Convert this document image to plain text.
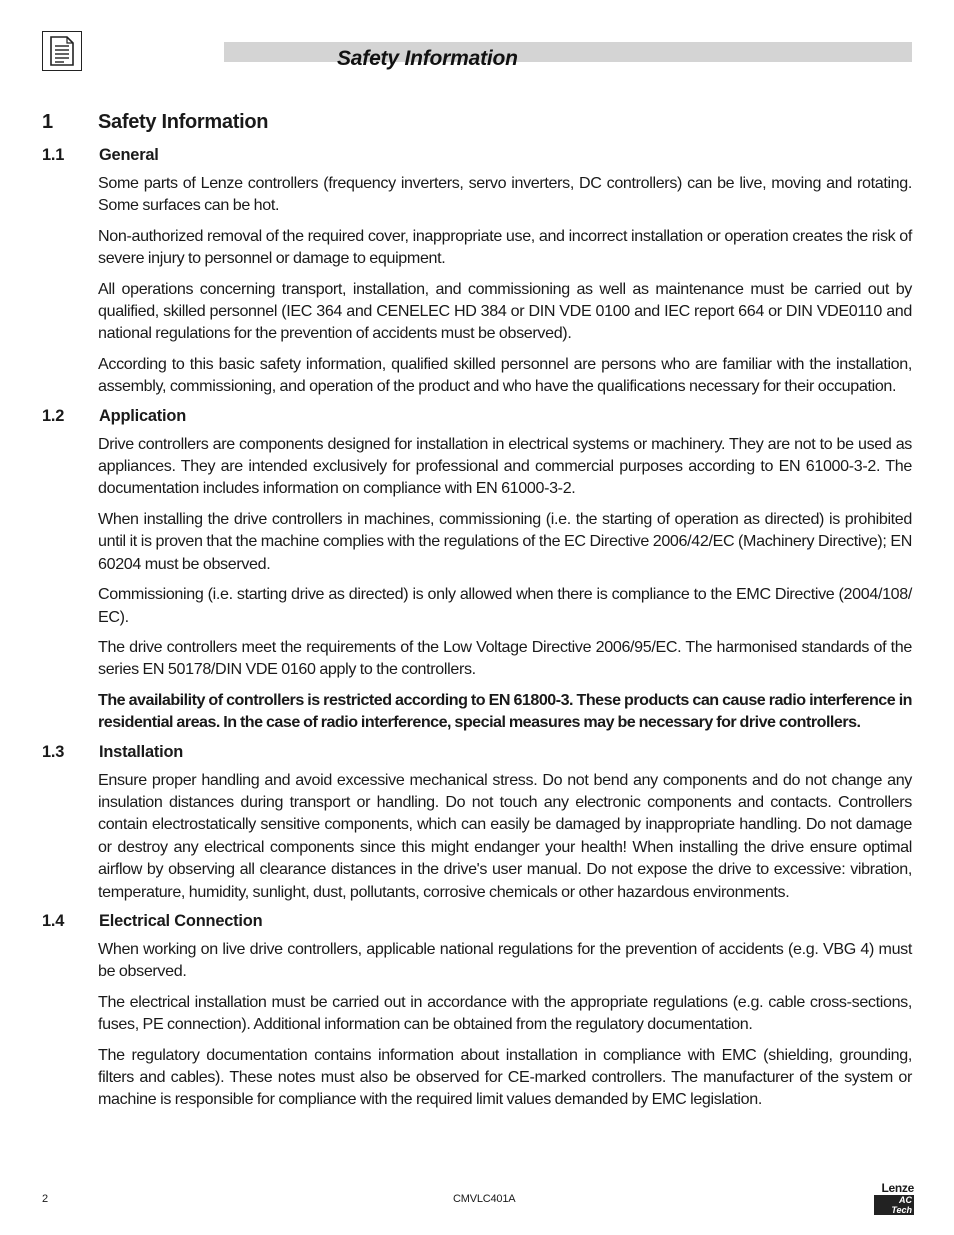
Safety Information
1 Safety Information
1.1 General
Some parts of Lenze controllers (frequency inverters, servo inverters, DC controllers) can be live, moving and rotating. Some surfaces can be hot.
Non-authorized removal of the required cover, inappropriate use, and incorrect installation or operation creates the risk of severe injury to personnel or damage to equipment.
All operations concerning transport, installation, and commissioning as well as maintenance must be carried out by qualified, skilled personnel (IEC 364 and CENELEC HD 384 or DIN VDE 0100 and IEC report 664 or DIN VDE0110 and national regulations for the prevention of accidents must be observed).
According to this basic safety information, qualified skilled personnel are persons who are familiar with the installation, assembly, commissioning, and operation of the product and who have the qualifications necessary for their occupation.
1.2 Application
Drive controllers are components designed for installation in electrical systems or machinery. They are not to be used as appliances. They are intended exclusively for professional and commercial purposes according to EN 61000-3-2. The documentation includes information on compliance with EN 61000-3-2.
When installing the drive controllers in machines, commissioning (i.e. the starting of operation as directed) is prohibited until it is proven that the machine complies with the regulations of the EC Directive 2006/42/EC (Machinery Directive); EN 60204 must be observed.
Commissioning (i.e. starting drive as directed) is only allowed when there is compliance to the EMC Directive (2004/108/ EC).
The drive controllers meet the requirements of the Low Voltage Directive 2006/95/EC. The harmonised standards of the series EN 50178/DIN VDE 0160 apply to the controllers.
The availability of controllers is restricted according to EN 61800-3. These products can cause radio interference in residential areas. In the case of radio interference, special measures may be necessary for drive controllers.
1.3 Installation
Ensure proper handling and avoid excessive mechanical stress. Do not bend any components and do not change any insulation distances during transport or handling. Do not touch any electronic components and contacts. Controllers contain electrostatically sensitive components, which can easily be damaged by inappropriate handling. Do not damage or destroy any electrical components since this might endanger your health! When installing the drive ensure optimal airflow by observing all clearance distances in the drive's user manual. Do not expose the drive to excessive: vibration, temperature, humidity, sunlight, dust, pollutants, corrosive chemicals or other hazardous environments.
1.4 Electrical Connection
When working on live drive controllers, applicable national regulations for the prevention of accidents (e.g. VBG 4) must be observed.
The electrical installation must be carried out in accordance with the appropriate regulations (e.g. cable cross-sections, fuses, PE connection). Additional information can be obtained from the regulatory documentation.
The regulatory documentation contains information about installation in compliance with EMC (shielding, grounding, filters and cables). These notes must also be observed for CE-marked controllers. The manufacturer of the system or machine is responsible for compliance with the required limit values demanded by EMC legislation.
2	CMVLC401A
Lenze
AC Tech
